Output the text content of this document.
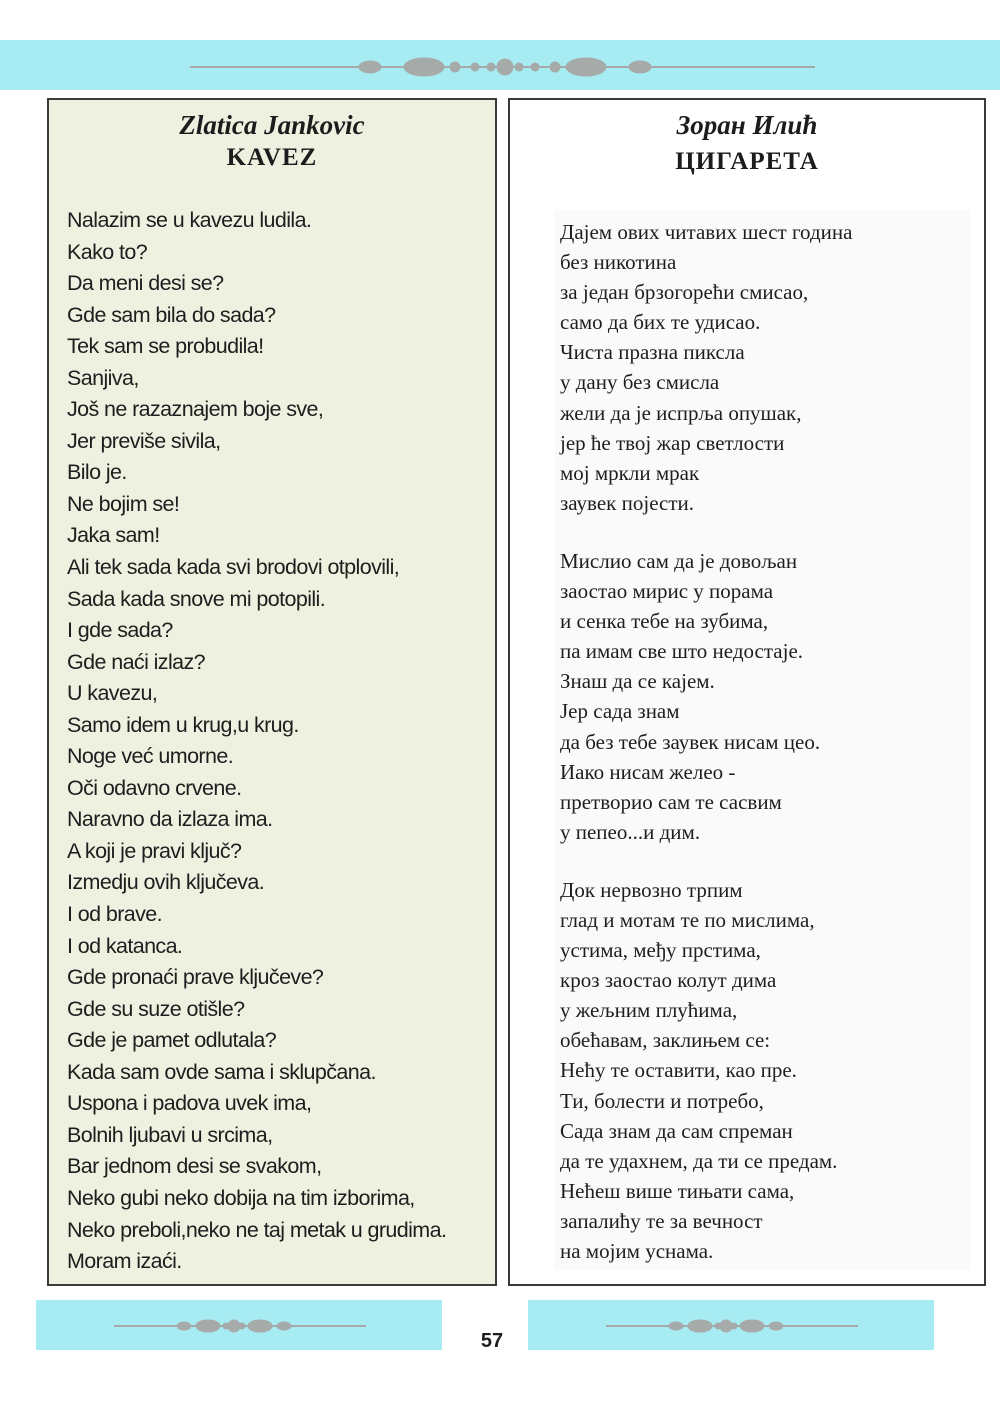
Zlatica Jankovic
KAVEZ
Nalazim se u kavezu ludila.
Kako to?
Da meni desi se?
Gde sam bila do sada?
Tek sam se probudila!
Sanjiva,
Još ne razaznajem boje sve,
Jer previše sivila,
Bilo je.
Ne bojim se!
Jaka sam!
Ali tek sada kada svi brodovi otplovili,
Sada kada snove mi potopili.
I gde sada?
Gde naći izlaz?
U kavezu,
Samo idem u krug,u krug.
Noge već umorne.
Oči odavno crvene.
Naravno da izlaza ima.
A koji je pravi ključ?
Izmedju ovih ključeva.
I od brave.
I od katanca.
Gde pronaći prave ključeve?
Gde su suze otišle?
Gde je pamet odlutala?
Kada sam ovde sama i sklupčana.
Uspona i padova uvek ima,
Bolnih ljubavi u srcima,
Bar jednom desi se svakom,
Neko gubi neko dobija na tim izborima,
Neko preboli,neko ne taj metak u grudima.
Moram izaći.
Зоран Илић
ЦИГАРЕТА
Дајем ових читавих шест година
без никотина
за један брзогорећи смисао,
само да бих те удисао.
Чиста празна пиксла
у дану без смисла
жели да је испрља опушак,
јер ће твој жар светлости
мој мркли мрак
заувек појести.
Мислио сам да је довољан
заостао мирис у порама
и сенка тебе на зубима,
па имам све што недостаје.
Знаш да се кајем.
Јер сада знам
да без тебе заувек нисам цео.
Иако нисам желео -
претворио сам те сасвим
у пепео...и дим.
Док нервозно трпим
глад и мотам те по мислима,
устима, међу прстима,
кроз заостао колут дима
у жељним плућима,
обећавам, заклињем се:
Нећу те оставити, као пре.
Ти, болести и потребо,
Сада знам да сам спреман
да те удахнем, да ти се предам.
Нећеш више тињати сама,
запалићу те за вечност
на мојим уснама.
57
